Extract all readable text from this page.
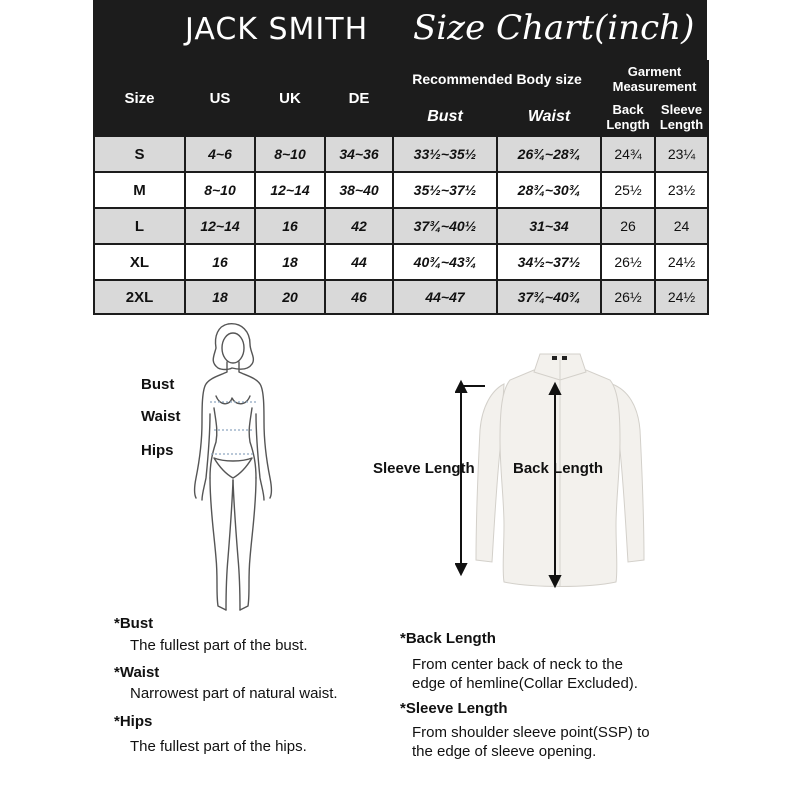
JACK SMITH Size Chart(inch)
Size	US	UK	DE	Recommended Body size		Garment Measurement	
				Bust	Waist	Back Length	Sleeve Length
S	4~6	8~10	34~36	33½~35½	26¾~28¾	24¾	23¼
M	8~10	12~14	38~40	35½~37½	28¾~30¾	25½	23½
L	12~14	16	42	37¾~40½	31~34	26	24
XL	16	18	44	40¾~43¾	34½~37½	26½	24½
2XL	18	20	46	44~47	37¾~40¾	26½	24½
Bust
Waist
Hips
Sleeve Length	Back Length
*Bust
The fullest part of the bust.
*Waist
Narrowest part of natural waist.
*Hips
The fullest part of the hips.
*Back Length
From center back of neck to the
edge of hemline(Collar Excluded).
*Sleeve Length
From shoulder sleeve point(SSP) to
the edge of sleeve opening.
